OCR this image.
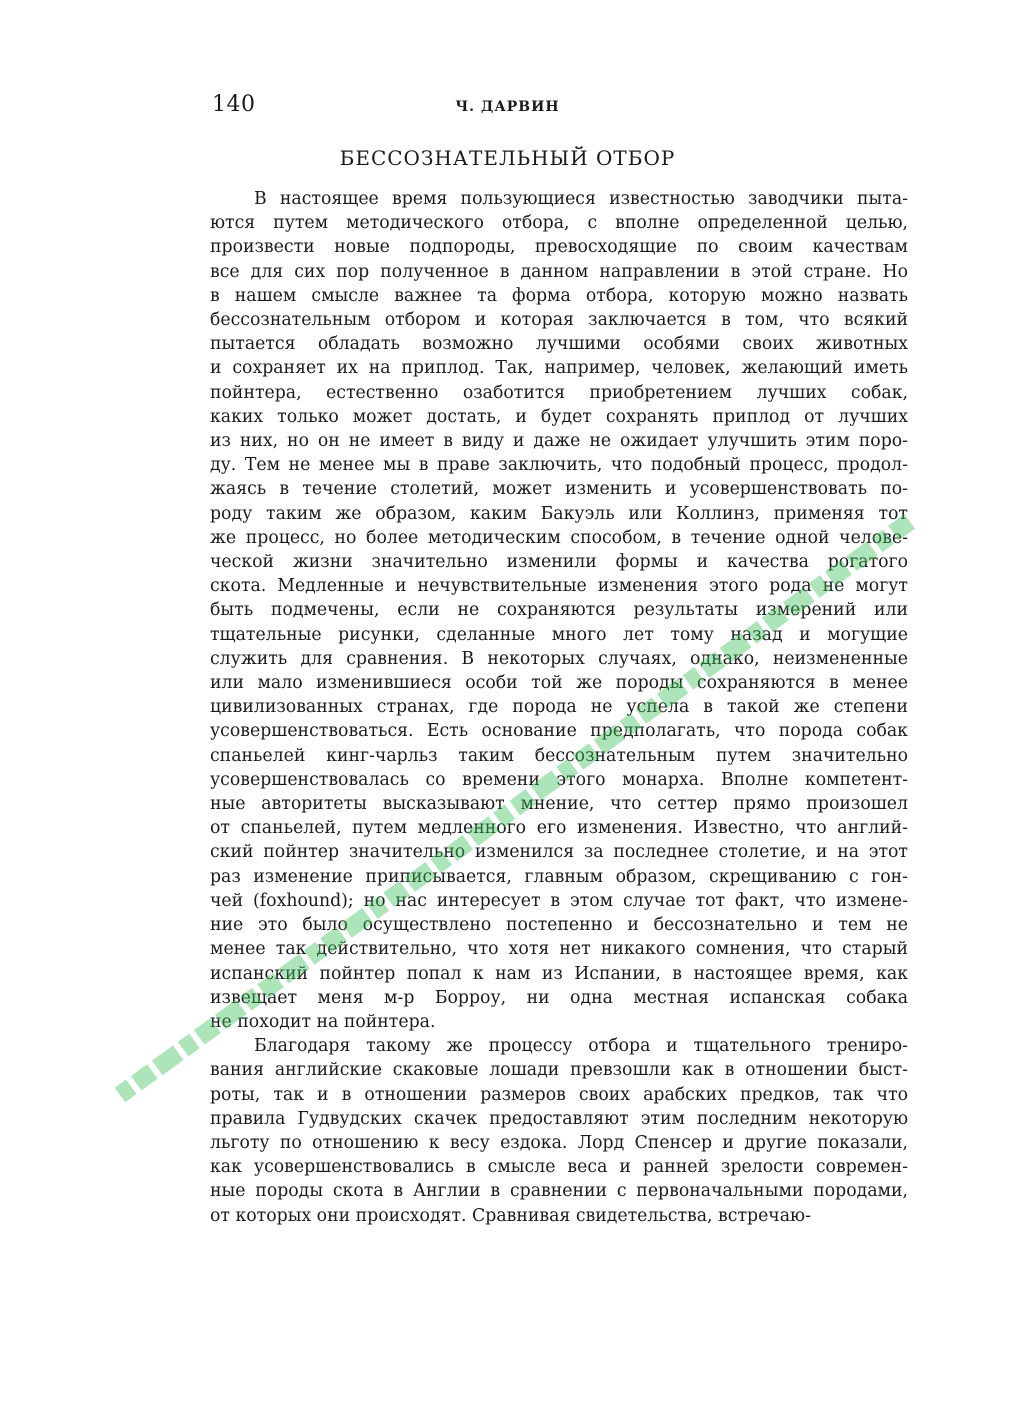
140	Ч. ДАРВИН
БЕССОЗНАТЕЛЬНЫЙ ОТБОР
В настоящее время пользующиеся известностью заводчики пыта-
ются путем методического отбора, с вполне определенной целью,
произвести новые подпороды, превосходящие по своим качествам
все для сих пор полученное в данном направлении в этой стране. Но
в нашем смысле важнее та форма отбора, которую можно назвать
бессознательным отбором и которая заключается в том, что всякий
пытается обладать возможно лучшими особями своих животных
и сохраняет их на приплод. Так, например, человек, желающий иметь
пойнтера, естественно озаботится приобретением лучших собак,
каких только может достать, и будет сохранять приплод от лучших
из них, но он не имеет в виду и даже не ожидает улучшить этим поро-
ду. Тем не менее мы в праве заключить, что подобный процесс, продол-
жаясь в течение столетий, может изменить и усовершенствовать по-
роду таким же образом, каким Бакуэль или Коллинз, применяя тот
же процесс, но более методическим способом, в течение одной челове-
ческой жизни значительно изменили формы и качества рогатого
скота. Медленные и нечувствительные изменения этого рода не могут
быть подмечены, если не сохраняются результаты измерений или
тщательные рисунки, сделанные много лет тому назад и могущие
служить для сравнения. В некоторых случаях, однако, неизмененные
или мало изменившиеся особи той же породы сохраняются в менее
цивилизованных странах, где порода не успела в такой же степени
усовершенствоваться. Есть основание предполагать, что порода собак
спаньелей кинг-чарльз таким бессознательным путем значительно
усовершенствовалась со времени этого монарха. Вполне компетент-
ные авторитеты высказывают мнение, что сеттер прямо произошел
от спаньелей, путем медленного его изменения. Известно, что англий-
ский пойнтер значительно изменился за последнее столетие, и на этот
раз изменение приписывается, главным образом, скрещиванию с гон-
чей (foxhound); но нас интересует в этом случае тот факт, что измене-
ние это было осуществлено постепенно и бессознательно и тем не
менее так действительно, что хотя нет никакого сомнения, что старый
испанский пойнтер попал к нам из Испании, в настоящее время, как
извещает меня м-р Борроу, ни одна местная испанская собака
не походит на пойнтера.
Благодаря такому же процессу отбора и тщательного трениро-
вания английские скаковые лошади превзошли как в отношении быст-
роты, так и в отношении размеров своих арабских предков, так что
правила Гудвудских скачек предоставляют этим последним некоторую
льготу по отношению к весу ездока. Лорд Спенсер и другие показали,
как усовершенствовались в смысле веса и ранней зрелости современ-
ные породы скота в Англии в сравнении с первоначальными породами,
от которых они происходят. Сравнивая свидетельства, встречаю-
